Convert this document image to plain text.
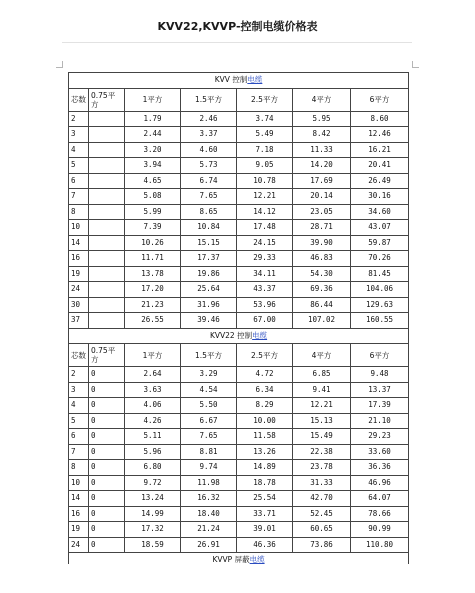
KVV22,KVVP-控制电缆价格表
KVV 控制电缆						
芯数	0.75平方	1平方	1.5平方	2.5平方	4平方	6平方
2		1.79	2.46	3.74	5.95	8.60
3		2.44	3.37	5.49	8.42	12.46
4		3.20	4.60	7.18	11.33	16.21
5		3.94	5.73	9.05	14.20	20.41
6		4.65	6.74	10.78	17.69	26.49
7		5.08	7.65	12.21	20.14	30.16
8		5.99	8.65	14.12	23.05	34.60
10		7.39	10.84	17.48	28.71	43.07
14		10.26	15.15	24.15	39.90	59.87
16		11.71	17.37	29.33	46.83	70.26
19		13.78	19.86	34.11	54.30	81.45
24		17.20	25.64	43.37	69.36	104.06
30		21.23	31.96	53.96	86.44	129.63
37		26.55	39.46	67.00	107.02	160.55
KVV22 控制电缆						
芯数	0.75平方	1平方	1.5平方	2.5平方	4平方	6平方
2	0	2.64	3.29	4.72	6.85	9.48
3	0	3.63	4.54	6.34	9.41	13.37
4	0	4.06	5.50	8.29	12.21	17.39
5	0	4.26	6.67	10.00	15.13	21.10
6	0	5.11	7.65	11.58	15.49	29.23
7	0	5.96	8.81	13.26	22.38	33.60
8	0	6.80	9.74	14.89	23.78	36.36
10	0	9.72	11.98	18.78	31.33	46.96
14	0	13.24	16.32	25.54	42.70	64.07
16	0	14.99	18.40	33.71	52.45	78.66
19	0	17.32	21.24	39.01	60.65	90.99
24	0	18.59	26.91	46.36	73.86	110.80
KVVP 屏蔽电缆						
